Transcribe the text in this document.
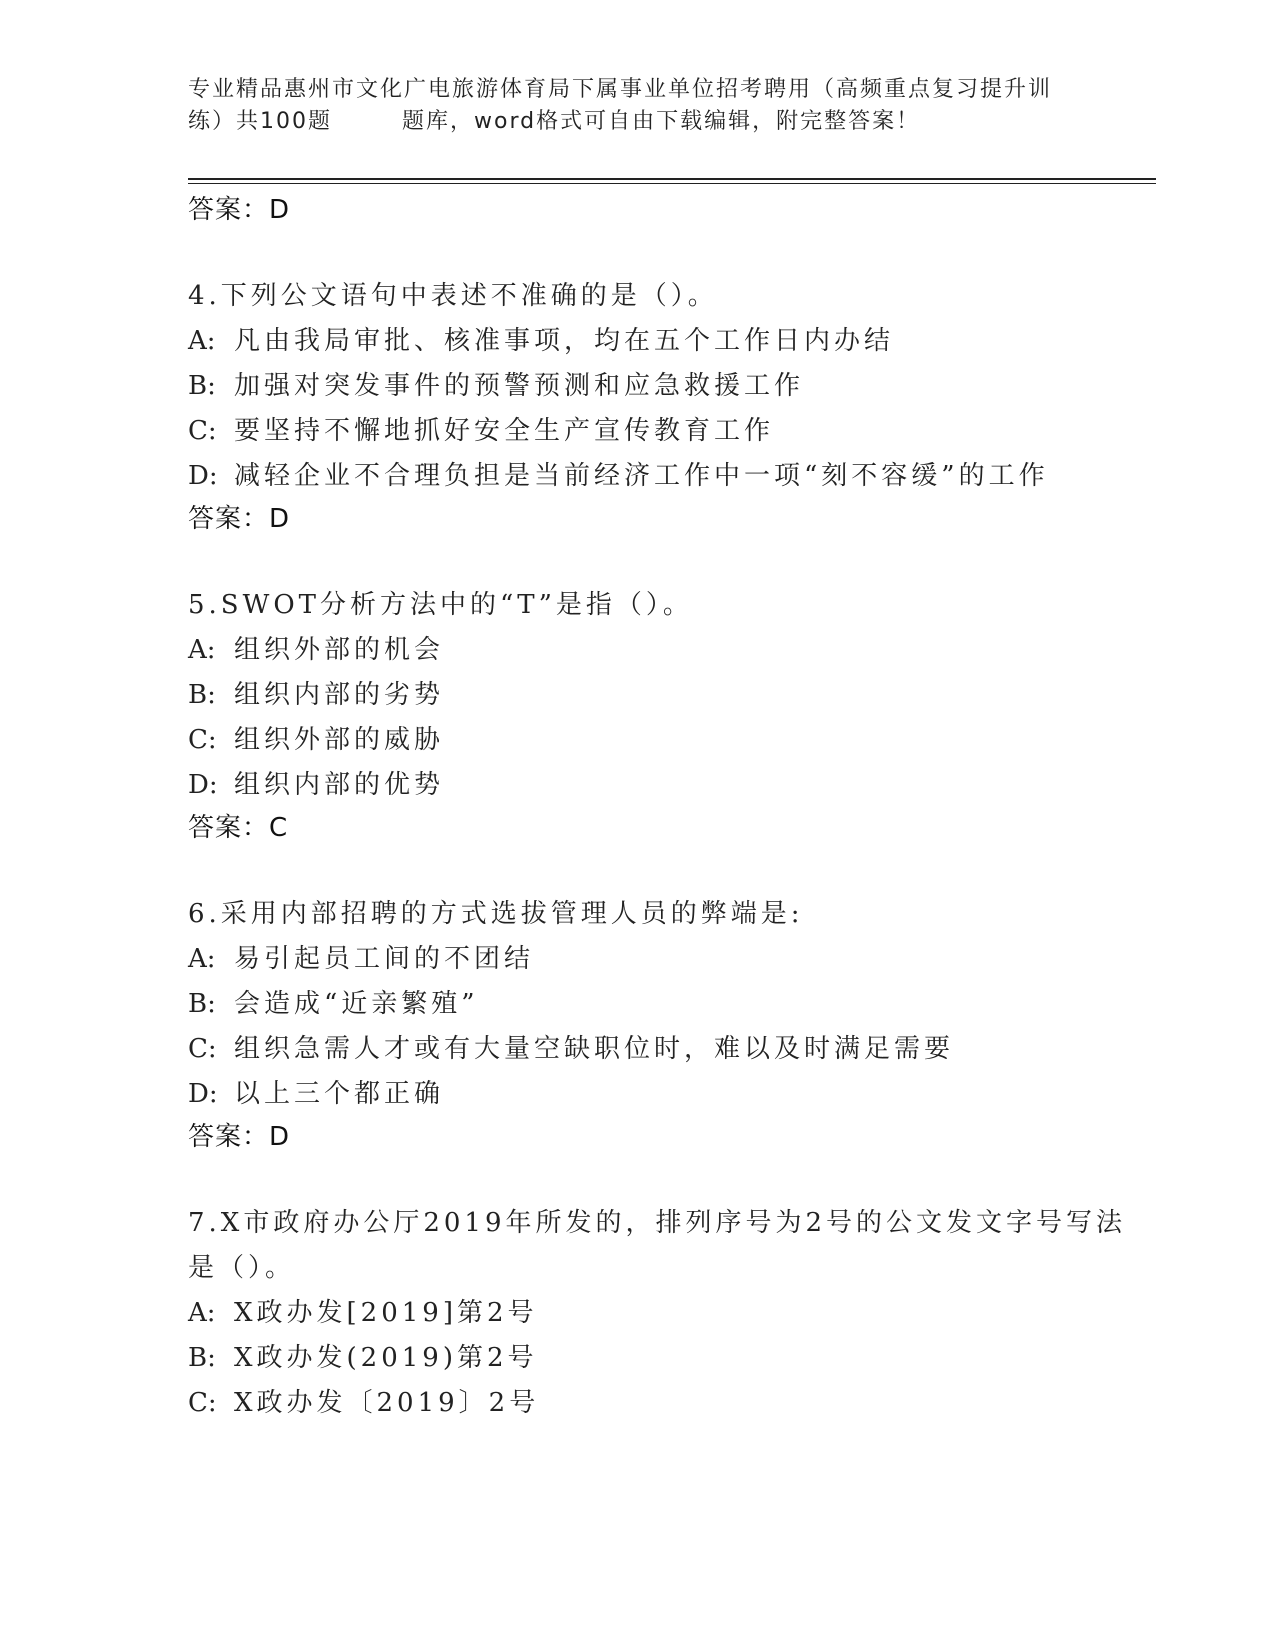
专业精品惠州市文化广电旅游体育局下属事业单位招考聘用（高频重点复习提升训
练）共100题	题库，word格式可自由下载编辑，附完整答案！
答案：D
4.下列公文语句中表述不准确的是（）。
A: 凡由我局审批、核准事项，均在五个工作日内办结
B: 加强对突发事件的预警预测和应急救援工作
C: 要坚持不懈地抓好安全生产宣传教育工作
D: 减轻企业不合理负担是当前经济工作中一项“刻不容缓”的工作
答案：D
5.SWOT分析方法中的“T”是指（）。
A: 组织外部的机会
B: 组织内部的劣势
C: 组织外部的威胁
D: 组织内部的优势
答案：C
6.采用内部招聘的方式选拔管理人员的弊端是:
A: 易引起员工间的不团结
B: 会造成“近亲繁殖”
C: 组织急需人才或有大量空缺职位时，难以及时满足需要
D: 以上三个都正确
答案：D
7.X市政府办公厅2019年所发的，排列序号为2号的公文发文字号写法是（）。
A: X政办发[2019]第2号
B: X政办发(2019)第2号
C: X政办发〔2019〕2号
